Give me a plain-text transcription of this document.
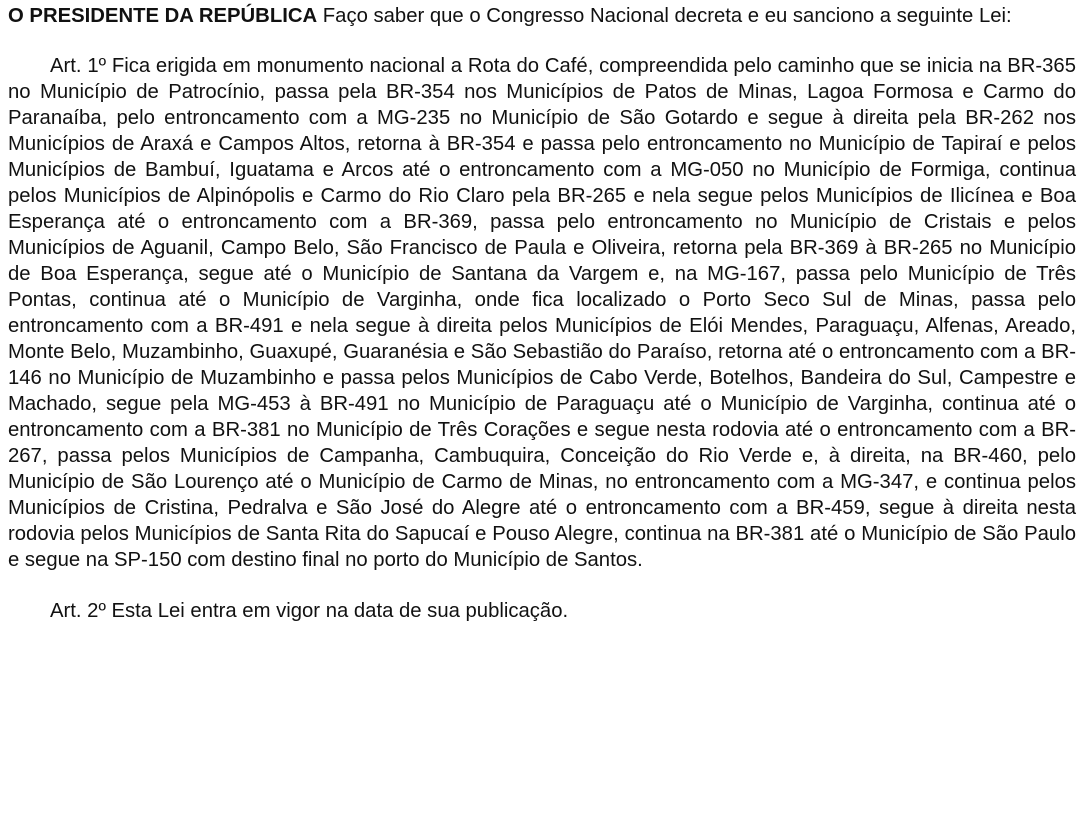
O PRESIDENTE DA REPÚBLICA Faço saber que o Congresso Nacional decreta e eu sanciono a seguinte Lei:

Art. 1º Fica erigida em monumento nacional a Rota do Café, compreendida pelo caminho que se inicia na BR-365 no Município de Patrocínio, passa pela BR-354 nos Municípios de Patos de Minas, Lagoa Formosa e Carmo do Paranaíba, pelo entroncamento com a MG-235 no Município de São Gotardo e segue à direita pela BR-262 nos Municípios de Araxá e Campos Altos, retorna à BR-354 e passa pelo entroncamento no Município de Tapiraí e pelos Municípios de Bambuí, Iguatama e Arcos até o entroncamento com a MG-050 no Município de Formiga, continua pelos Municípios de Alpinópolis e Carmo do Rio Claro pela BR-265 e nela segue pelos Municípios de Ilicínea e Boa Esperança até o entroncamento com a BR-369, passa pelo entroncamento no Município de Cristais e pelos Municípios de Aguanil, Campo Belo, São Francisco de Paula e Oliveira, retorna pela BR-369 à BR-265 no Município de Boa Esperança, segue até o Município de Santana da Vargem e, na MG-167, passa pelo Município de Três Pontas, continua até o Município de Varginha, onde fica localizado o Porto Seco Sul de Minas, passa pelo entroncamento com a BR-491 e nela segue à direita pelos Municípios de Elói Mendes, Paraguaçu, Alfenas, Areado, Monte Belo, Muzambinho, Guaxupé, Guaranésia e São Sebastião do Paraíso, retorna até o entroncamento com a BR-146 no Município de Muzambinho e passa pelos Municípios de Cabo Verde, Botelhos, Bandeira do Sul, Campestre e Machado, segue pela MG-453 à BR-491 no Município de Paraguaçu até o Município de Varginha, continua até o entroncamento com a BR-381 no Município de Três Corações e segue nesta rodovia até o entroncamento com a BR-267, passa pelos Municípios de Campanha, Cambuquira, Conceição do Rio Verde e, à direita, na BR-460, pelo Município de São Lourenço até o Município de Carmo de Minas, no entroncamento com a MG-347, e continua pelos Municípios de Cristina, Pedralva e São José do Alegre até o entroncamento com a BR-459, segue à direita nesta rodovia pelos Municípios de Santa Rita do Sapucaí e Pouso Alegre, continua na BR-381 até o Município de São Paulo e segue na SP-150 com destino final no porto do Município de Santos.

Art. 2º Esta Lei entra em vigor na data de sua publicação.
